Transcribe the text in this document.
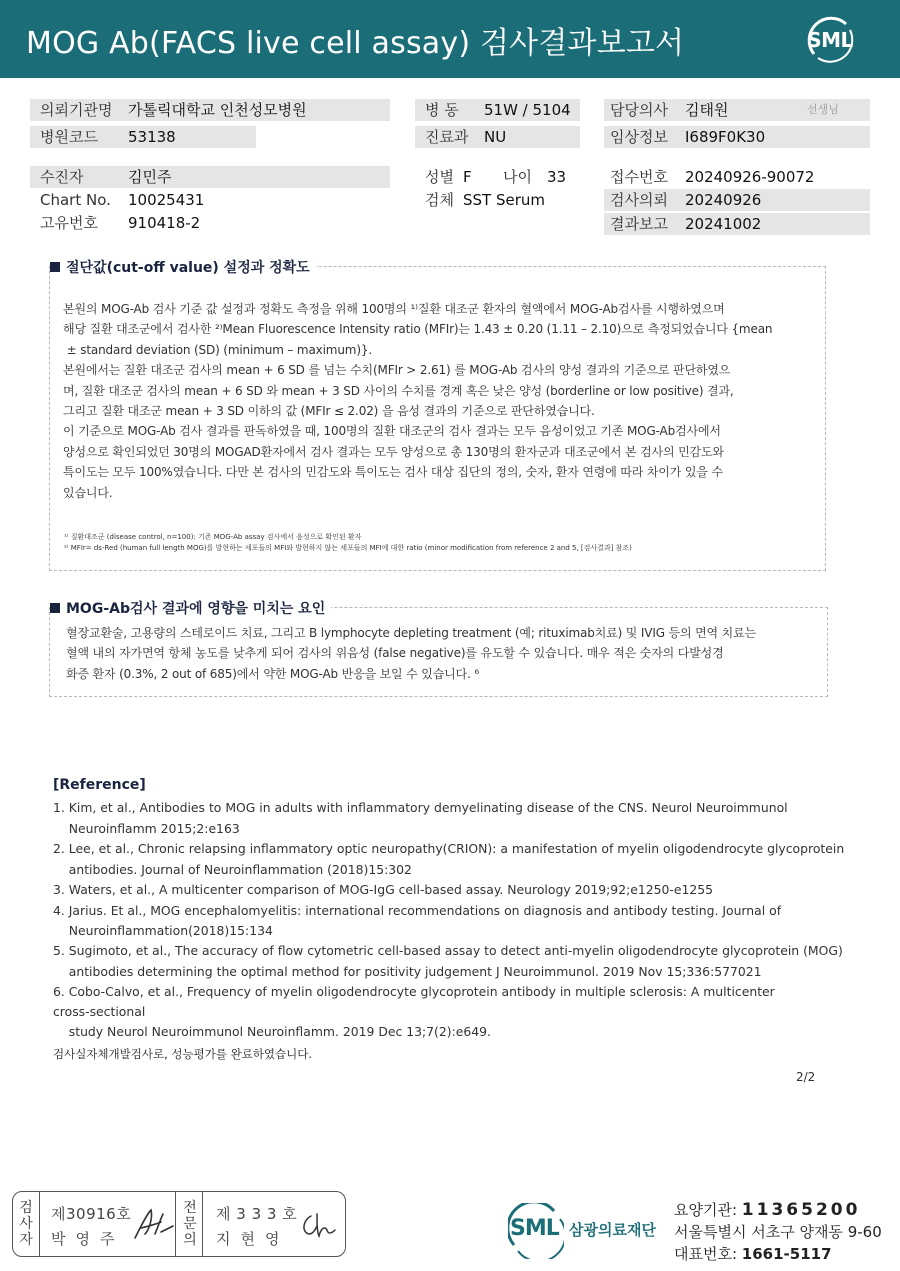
MOG Ab(FACS live cell assay) 검사결과보고서	SML
의뢰기관명 가톨릭대학교 인천성모병원
병원코드 53138
병 동 51W / 5104
진료과 NU
담당의사 김태원	선생님
임상정보 I689F0K30
수진자	김민주
Chart No. 10025431
고유번호 910418-2
성별 F 나이 33
검체 SST Serum
접수번호 20240926-90072
검사의뢰 20240926
결과보고 20241002
절단값(cut-off value) 설정과 정확도
본원의 MOG-Ab 검사 기준 값 설정과 정확도 측정을 위해 100명의 ¹⁾질환 대조군 환자의 혈액에서 MOG-Ab검사를 시행하였으며
해당 질환 대조군에서 검사한 ²⁾Mean Fluorescence Intensity ratio (MFIr)는 1.43 ± 0.20 (1.11 – 2.10)으로 측정되었습니다 {mean
± standard deviation (SD) (minimum – maximum)}.
본원에서는 질환 대조군 검사의 mean + 6 SD 를 넘는 수치(MFIr > 2.61) 를 MOG-Ab 검사의 양성 결과의 기준으로 판단하였으
며, 질환 대조군 검사의 mean + 6 SD 와 mean + 3 SD 사이의 수치를 경계 혹은 낮은 양성 (borderline or low positive) 결과,
그리고 질환 대조군 mean + 3 SD 이하의 값 (MFIr ≤ 2.02) 을 음성 결과의 기준으로 판단하였습니다.
이 기준으로 MOG-Ab 검사 결과를 판독하였을 때, 100명의 질환 대조군의 검사 결과는 모두 음성이었고 기존 MOG-Ab검사에서
양성으로 확인되었던 30명의 MOGAD환자에서 검사 결과는 모두 양성으로 총 130명의 환자군과 대조군에서 본 검사의 민감도와
특이도는 모두 100%였습니다. 다만 본 검사의 민감도와 특이도는 검사 대상 집단의 정의, 숫자, 환자 연령에 따라 차이가 있을 수
있습니다.
¹⁾ 질환대조군 (disease control, n=100): 기존 MOG-Ab assay 검사에서 음성으로 확인된 환자
²⁾ MFIr= ds-Red (human full length MOG)를 발현하는 세포들의 MFI와 발현하지 않는 세포들의 MFI에 대한 ratio (minor modification from reference 2 and 5, [검사결과] 참조)
MOG-Ab검사 결과에 영향을 미치는 요인
혈장교환술, 고용량의 스테로이드 치료, 그리고 B lymphocyte depleting treatment (예; rituximab치료) 및 IVIG 등의 면역 치료는
혈액 내의 자가면역 항체 농도를 낮추게 되어 검사의 위음성 (false negative)를 유도할 수 있습니다. 매우 적은 숫자의 다발성경
화증 환자 (0.3%, 2 out of 685)에서 약한 MOG-Ab 반응을 보일 수 있습니다. ⁶
[Reference]
1. Kim, et al., Antibodies to MOG in adults with inflammatory demyelinating disease of the CNS. Neurol Neuroimmunol
Neuroinflamm 2015;2:e163
2. Lee, et al., Chronic relapsing inflammatory optic neuropathy(CRION): a manifestation of myelin oligodendrocyte glycoprotein
antibodies. Journal of Neuroinflammation (2018)15:302
3. Waters, et al., A multicenter comparison of MOG-IgG cell-based assay. Neurology 2019;92;e1250-e1255
4. Jarius. Et al., MOG encephalomyelitis: international recommendations on diagnosis and antibody testing. Journal of
Neuroinflammation(2018)15:134
5. Sugimoto, et al., The accuracy of flow cytometric cell-based assay to detect anti-myelin oligodendrocyte glycoprotein (MOG)
antibodies determining the optimal method for positivity judgement J Neuroimmunol. 2019 Nov 15;336:577021
6. Cobo-Calvo, et al., Frequency of myelin oligodendrocyte glycoprotein antibody in multiple sclerosis: A multicenter
cross-sectional
study Neurol Neuroimmunol Neuroinflamm. 2019 Dec 13;7(2):e649.
검사실자체개발검사로, 성능평가를 완료하였습니다.
2/2
검
사
자
제30916호
박영주
전
문
의
제 3 3 3 호
지현영	SML 삼광의료재단
요양기관: 11365200
서울특별시 서초구 양재동 9-60
대표번호: 1661-5117
